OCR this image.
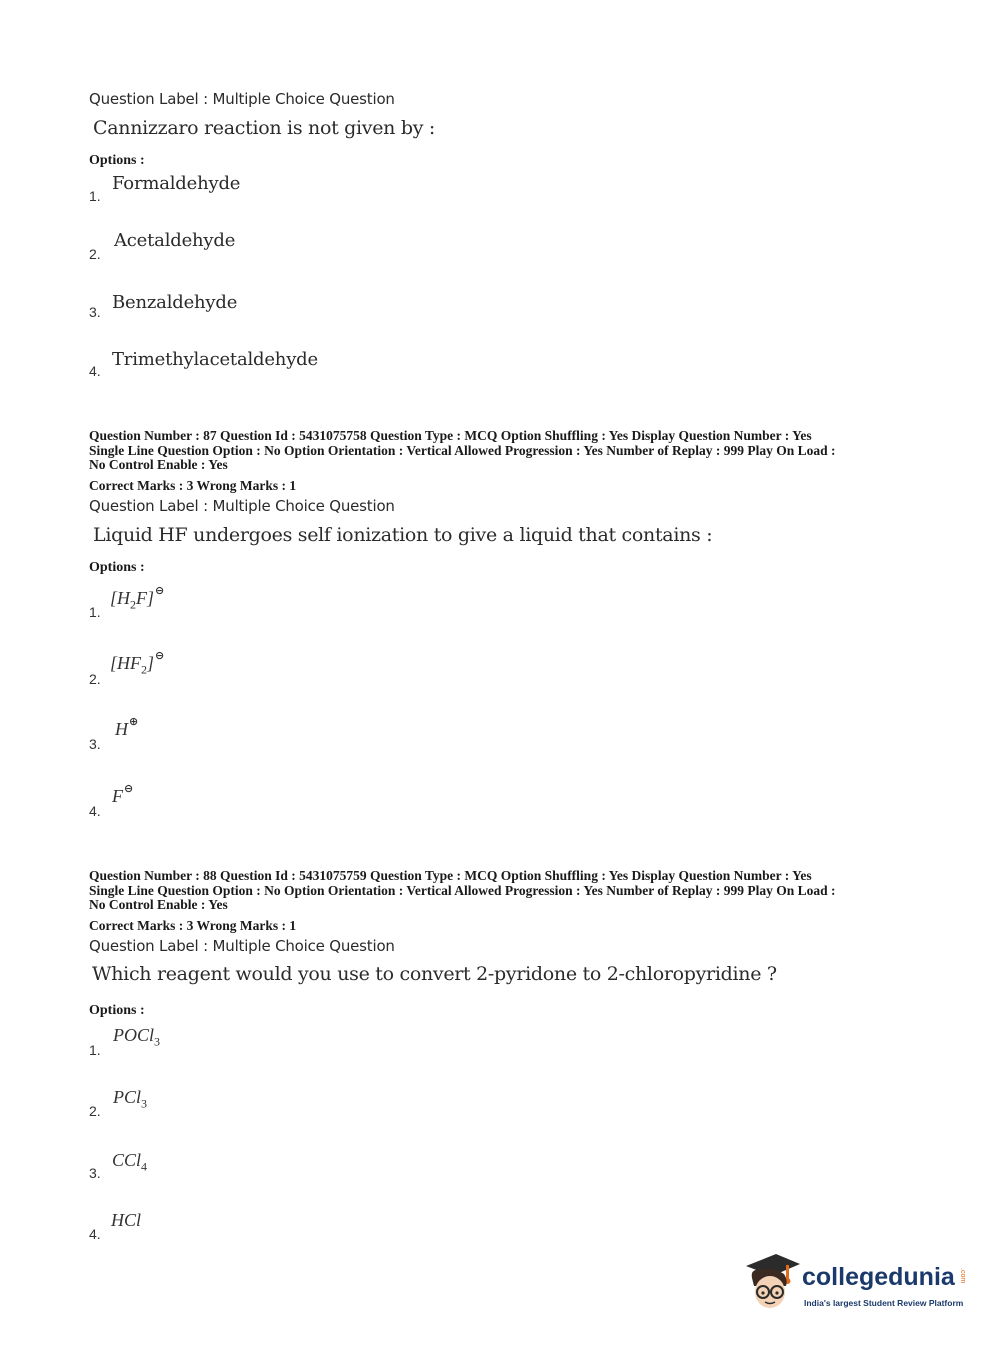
Question Label : Multiple Choice Question
Cannizzaro reaction is not given by :
Options :
1.
Formaldehyde
2.
Acetaldehyde
3. Benzaldehyde
4.
Trimethylacetaldehyde
Question Number : 87 Question Id : 5431075758 Question Type : MCQ Option Shuffling : Yes Display Question Number : Yes
Single Line Question Option : No Option Orientation : Vertical Allowed Progression : Yes Number of Replay : 999 Play On Load :
No Control Enable : Yes
Correct Marks : 3 Wrong Marks : 1
Question Label : Multiple Choice Question
Liquid HF undergoes self ionization to give a liquid that contains :
Options :
1.
$[H_2F]^⊖$
2.
$[HF_2]^⊖$
3.
H⊕
4.
F⊖
Question Number : 88 Question Id : 5431075759 Question Type : MCQ Option Shuffling : Yes Display Question Number : Yes
Single Line Question Option : No Option Orientation : Vertical Allowed Progression : Yes Number of Replay : 999 Play On Load :
No Control Enable : Yes
Correct Marks : 3 Wrong Marks : 1
Question Label : Multiple Choice Question
Which reagent would you use to convert 2-pyridone to 2-chloropyridine ?
Options :
1.
POCl$_3$
2.
PCl$_3$
3.
CCl$_4$
4.
HCl
collegedunia .com
India's largest Student Review Platform
